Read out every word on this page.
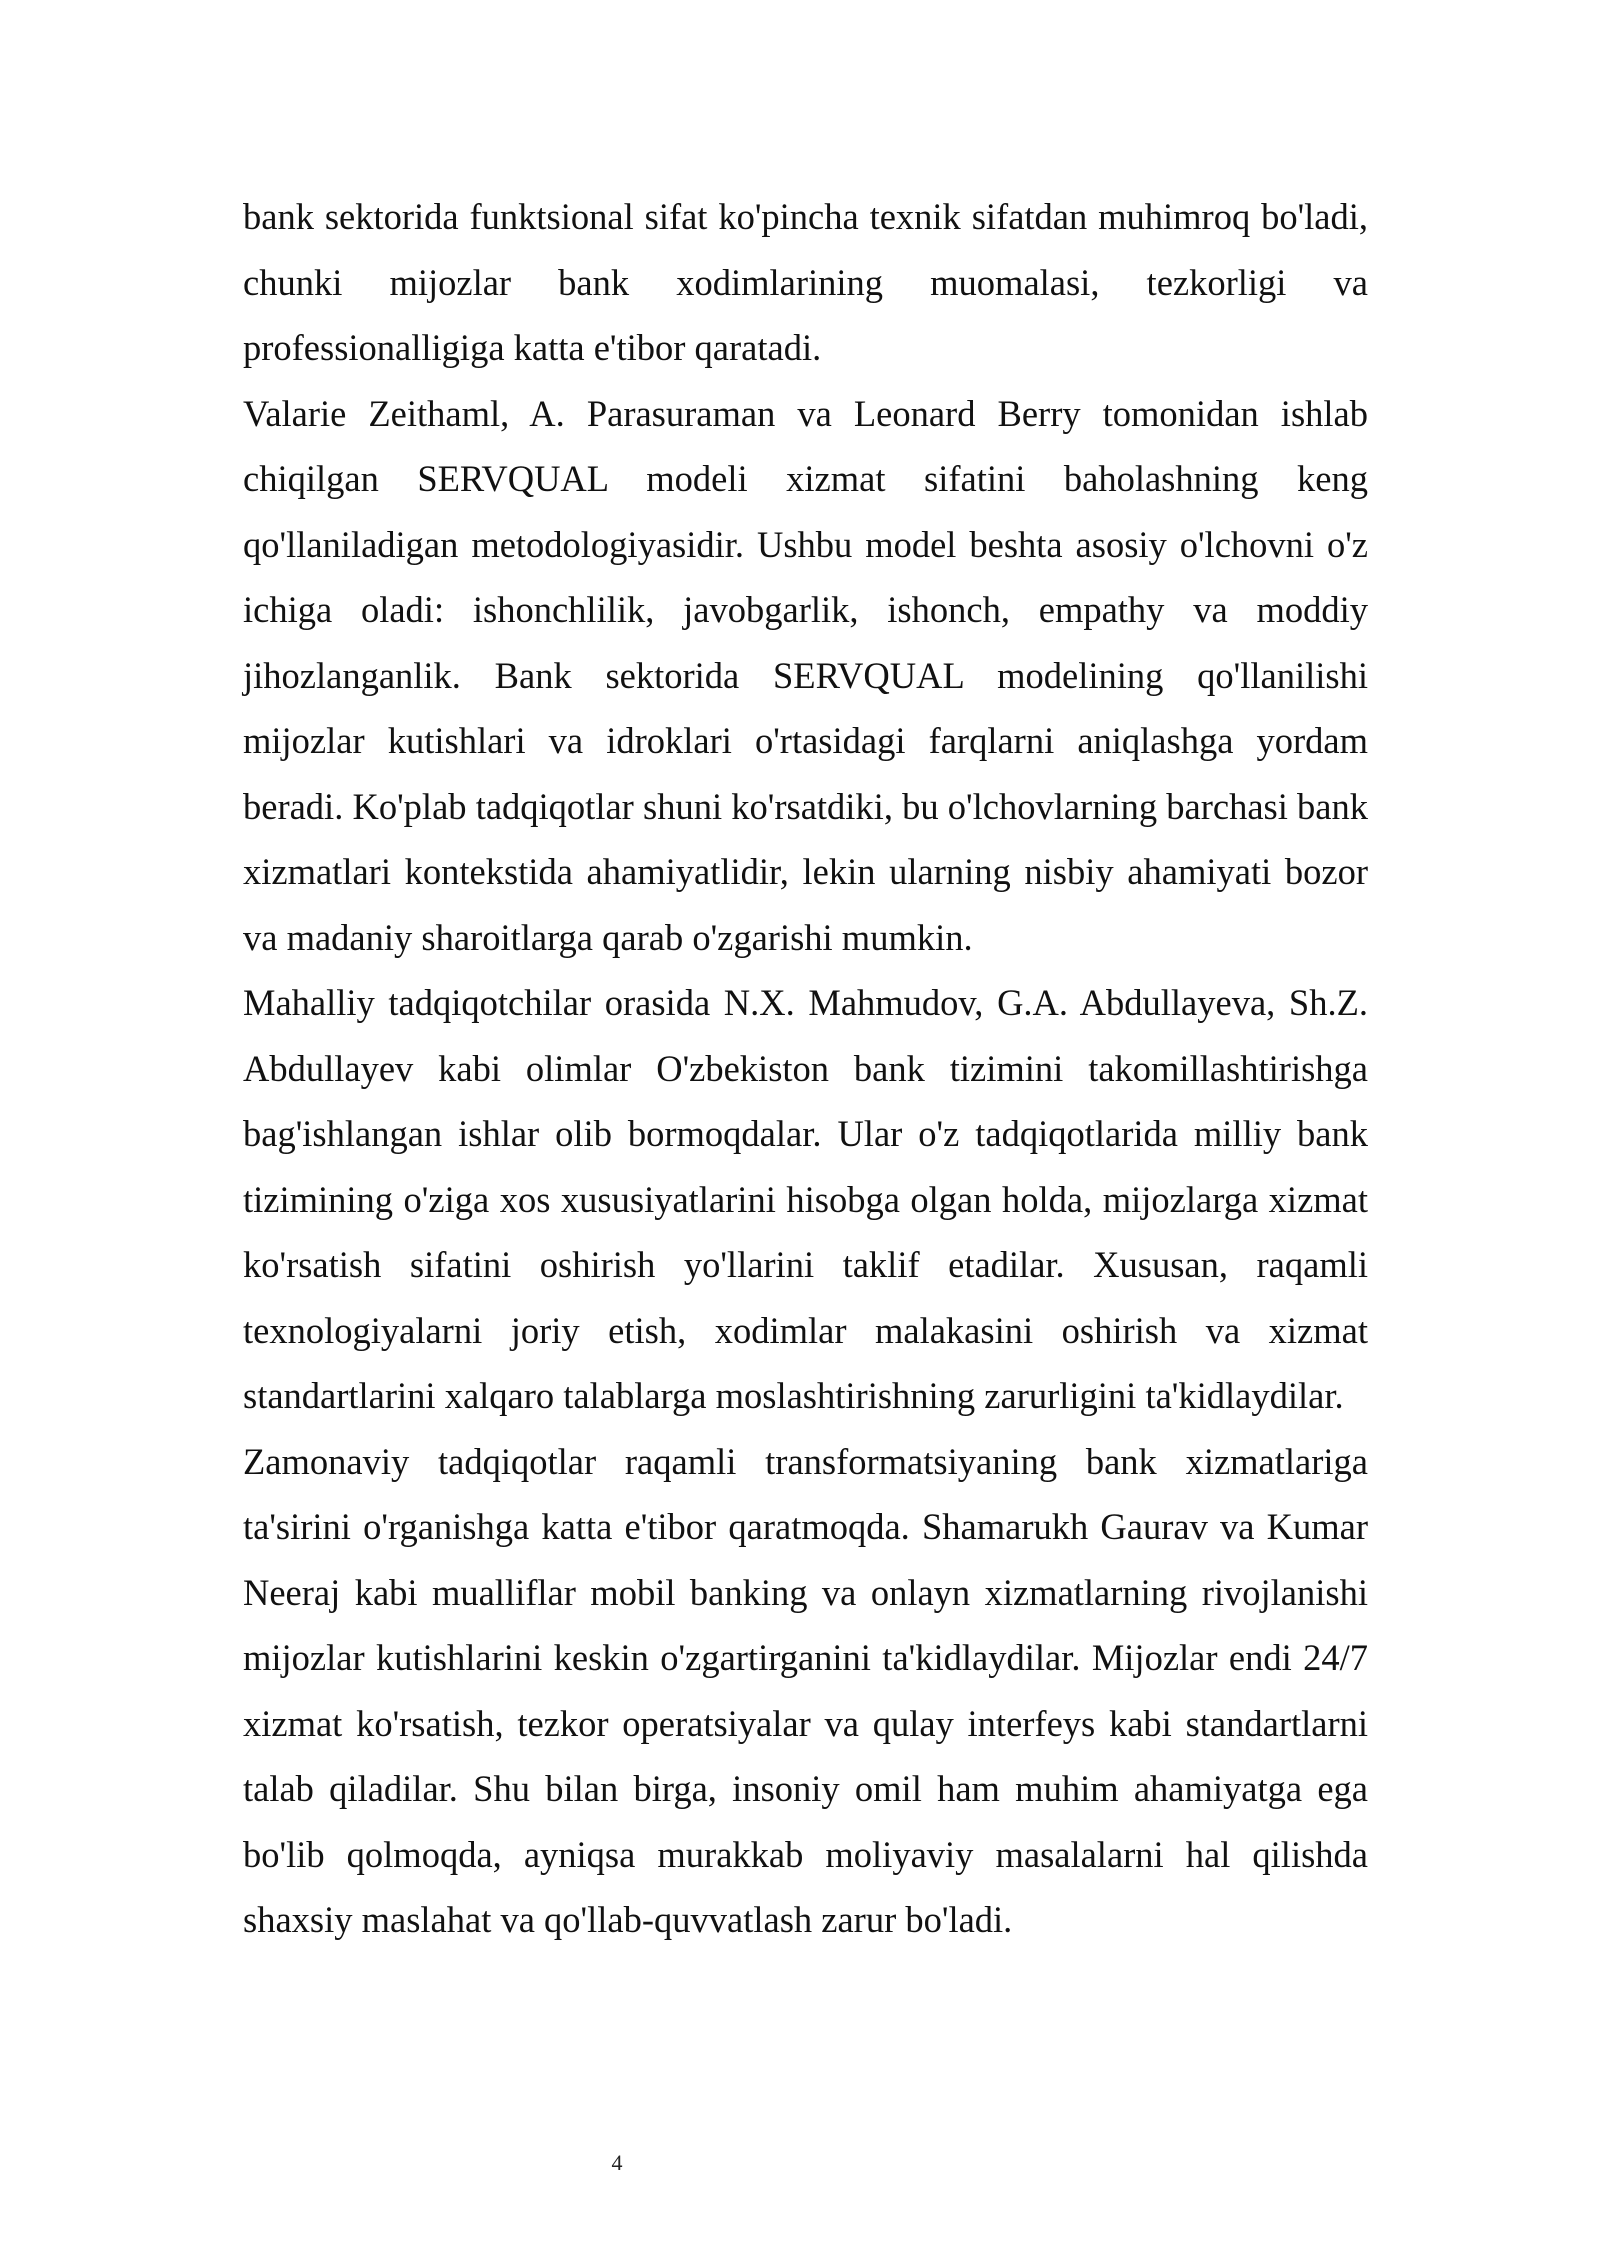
bank sektorida funktsional sifat ko'pincha texnik sifatdan muhimroq bo'ladi, chunki mijozlar bank xodimlarining muomalasi, tezkorligi va professionalligiga katta e'tibor qaratadi.

Valarie Zeithaml, A. Parasuraman va Leonard Berry tomonidan ishlab chiqilgan SERVQUAL modeli xizmat sifatini baholashning keng qo'llaniladigan metodologiyasidir. Ushbu model beshta asosiy o'lchovni o'z ichiga oladi: ishonchlilik, javobgarlik, ishonch, empathy va moddiy jihozlanganlik. Bank sektorida SERVQUAL modelining qo'llanilishi mijozlar kutishlari va idroklari o'rtasidagi farqlarni aniqlashga yordam beradi. Ko'plab tadqiqotlar shuni ko'rsatdiki, bu o'lchovlarning barchasi bank xizmatlari kontekstida ahamiyatlidir, lekin ularning nisbiy ahamiyati bozor va madaniy sharoitlarga qarab o'zgarishi mumkin.

Mahalliy tadqiqotchilar orasida N.X. Mahmudov, G.A. Abdullayeva, Sh.Z. Abdullayev kabi olimlar O'zbekiston bank tizimini takomillashtirishga bag'ishlangan ishlar olib bormoqdalar. Ular o'z tadqiqotlarida milliy bank tizimining o'ziga xos xususiyatlarini hisobga olgan holda, mijozlarga xizmat ko'rsatish sifatini oshirish yo'llarini taklif etadilar. Xususan, raqamli texnologiyalarni joriy etish, xodimlar malakasini oshirish va xizmat standartlarini xalqaro talablarga moslashtirishning zarurligini ta'kidlaydilar.

Zamonaviy tadqiqotlar raqamli transformatsiyaning bank xizmatlariga ta'sirini o'rganishga katta e'tibor qaratmoqda. Shamarukh Gaurav va Kumar Neeraj kabi mualliflar mobil banking va onlayn xizmatlarning rivojlanishi mijozlar kutishlarini keskin o'zgartirganini ta'kidlaydilar. Mijozlar endi 24/7 xizmat ko'rsatish, tezkor operatsiyalar va qulay interfeys kabi standartlarni talab qiladilar. Shu bilan birga, insoniy omil ham muhim ahamiyatga ega bo'lib qolmoqda, ayniqsa murakkab moliyaviy masalalarni hal qilishda shaxsiy maslahat va qo'llab-quvvatlash zarur bo'ladi.

4
